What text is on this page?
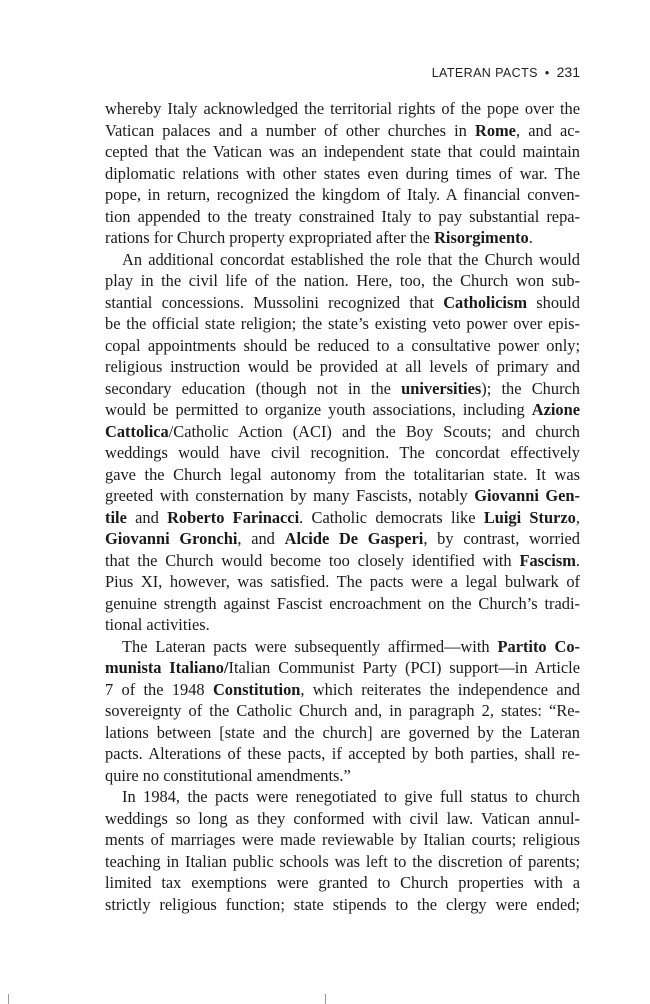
LATERAN PACTS • 231
whereby Italy acknowledged the territorial rights of the pope over the
Vatican palaces and a number of other churches in Rome, and ac-
cepted that the Vatican was an independent state that could maintain
diplomatic relations with other states even during times of war. The
pope, in return, recognized the kingdom of Italy. A financial conven-
tion appended to the treaty constrained Italy to pay substantial repa-
rations for Church property expropriated after the Risorgimento.
An additional concordat established the role that the Church would
play in the civil life of the nation. Here, too, the Church won sub-
stantial concessions. Mussolini recognized that Catholicism should
be the official state religion; the state’s existing veto power over epis-
copal appointments should be reduced to a consultative power only;
religious instruction would be provided at all levels of primary and
secondary education (though not in the universities); the Church
would be permitted to organize youth associations, including Azione
Cattolica/Catholic Action (ACI) and the Boy Scouts; and church
weddings would have civil recognition. The concordat effectively
gave the Church legal autonomy from the totalitarian state. It was
greeted with consternation by many Fascists, notably Giovanni Gen-
tile and Roberto Farinacci. Catholic democrats like Luigi Sturzo,
Giovanni Gronchi, and Alcide De Gasperi, by contrast, worried
that the Church would become too closely identified with Fascism.
Pius XI, however, was satisfied. The pacts were a legal bulwark of
genuine strength against Fascist encroachment on the Church’s tradi-
tional activities.
The Lateran pacts were subsequently affirmed—with Partito Co-
munista Italiano/Italian Communist Party (PCI) support—in Article
7 of the 1948 Constitution, which reiterates the independence and
sovereignty of the Catholic Church and, in paragraph 2, states: “Re-
lations between [state and the church] are governed by the Lateran
pacts. Alterations of these pacts, if accepted by both parties, shall re-
quire no constitutional amendments.”
In 1984, the pacts were renegotiated to give full status to church
weddings so long as they conformed with civil law. Vatican annul-
ments of marriages were made reviewable by Italian courts; religious
teaching in Italian public schools was left to the discretion of parents;
limited tax exemptions were granted to Church properties with a
strictly religious function; state stipends to the clergy were ended;
